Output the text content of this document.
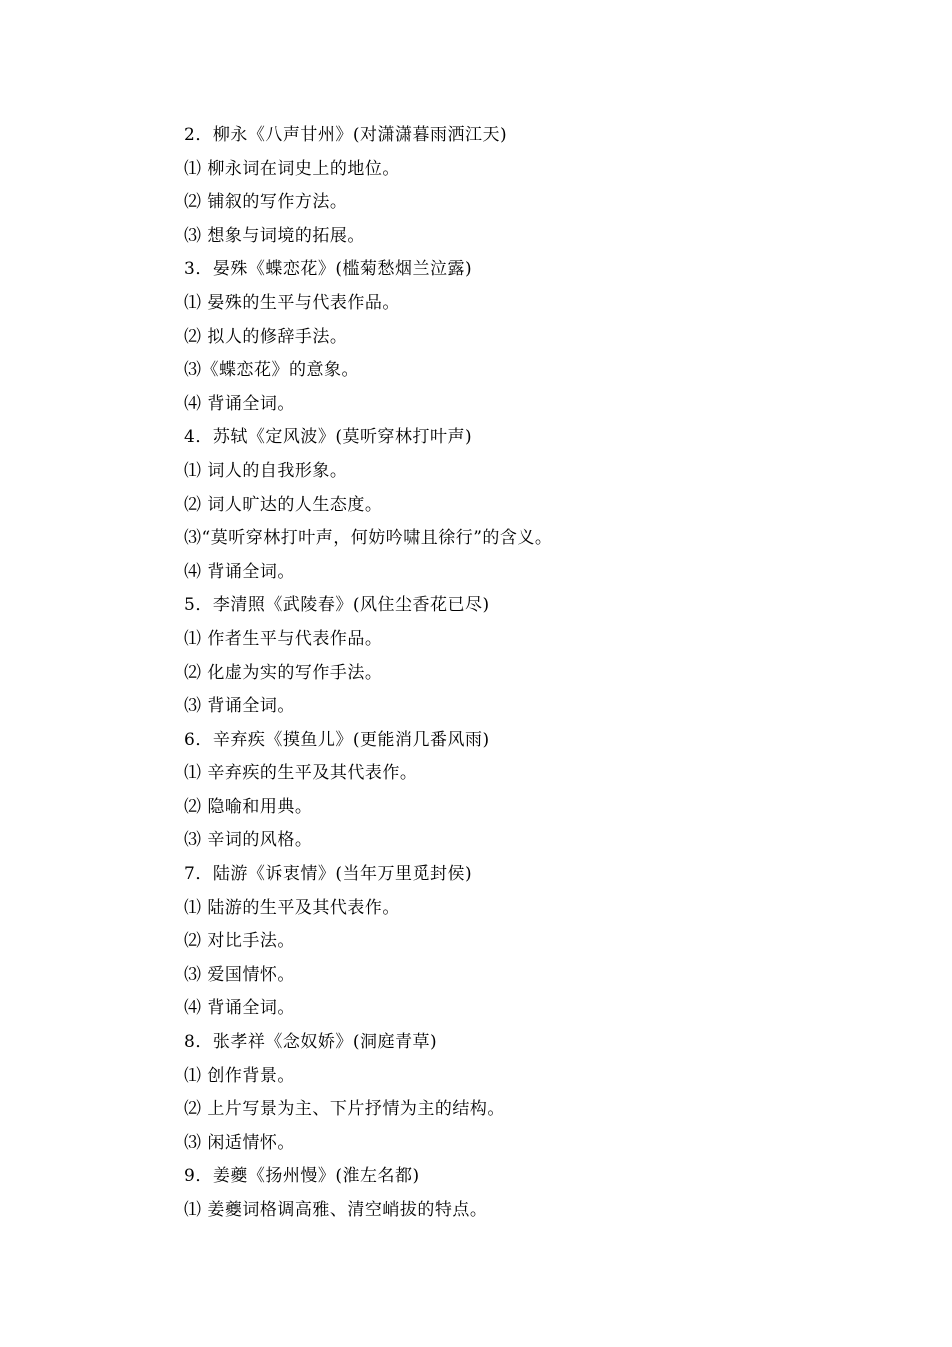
2．柳永《八声甘州》(对潇潇暮雨洒江天)
⑴ 柳永词在词史上的地位。
⑵ 铺叙的写作方法。
⑶ 想象与词境的拓展。
3．晏殊《蝶恋花》(槛菊愁烟兰泣露)
⑴ 晏殊的生平与代表作品。
⑵ 拟人的修辞手法。
⑶《蝶恋花》的意象。
⑷ 背诵全词。
4．苏轼《定风波》(莫听穿林打叶声)
⑴ 词人的自我形象。
⑵ 词人旷达的人生态度。
⑶“莫听穿林打叶声，何妨吟啸且徐行”的含义。
⑷ 背诵全词。
5．李清照《武陵春》(风住尘香花已尽)
⑴ 作者生平与代表作品。
⑵ 化虚为实的写作手法。
⑶ 背诵全词。
6．辛弃疾《摸鱼儿》(更能消几番风雨)
⑴ 辛弃疾的生平及其代表作。
⑵ 隐喻和用典。
⑶ 辛词的风格。
7．陆游《诉衷情》(当年万里觅封侯)
⑴ 陆游的生平及其代表作。
⑵ 对比手法。
⑶ 爱国情怀。
⑷ 背诵全词。
8．张孝祥《念奴娇》(洞庭青草)
⑴ 创作背景。
⑵ 上片写景为主、下片抒情为主的结构。
⑶ 闲适情怀。
9．姜夔《扬州慢》(淮左名都)
⑴ 姜夔词格调高雅、清空峭拔的特点。
